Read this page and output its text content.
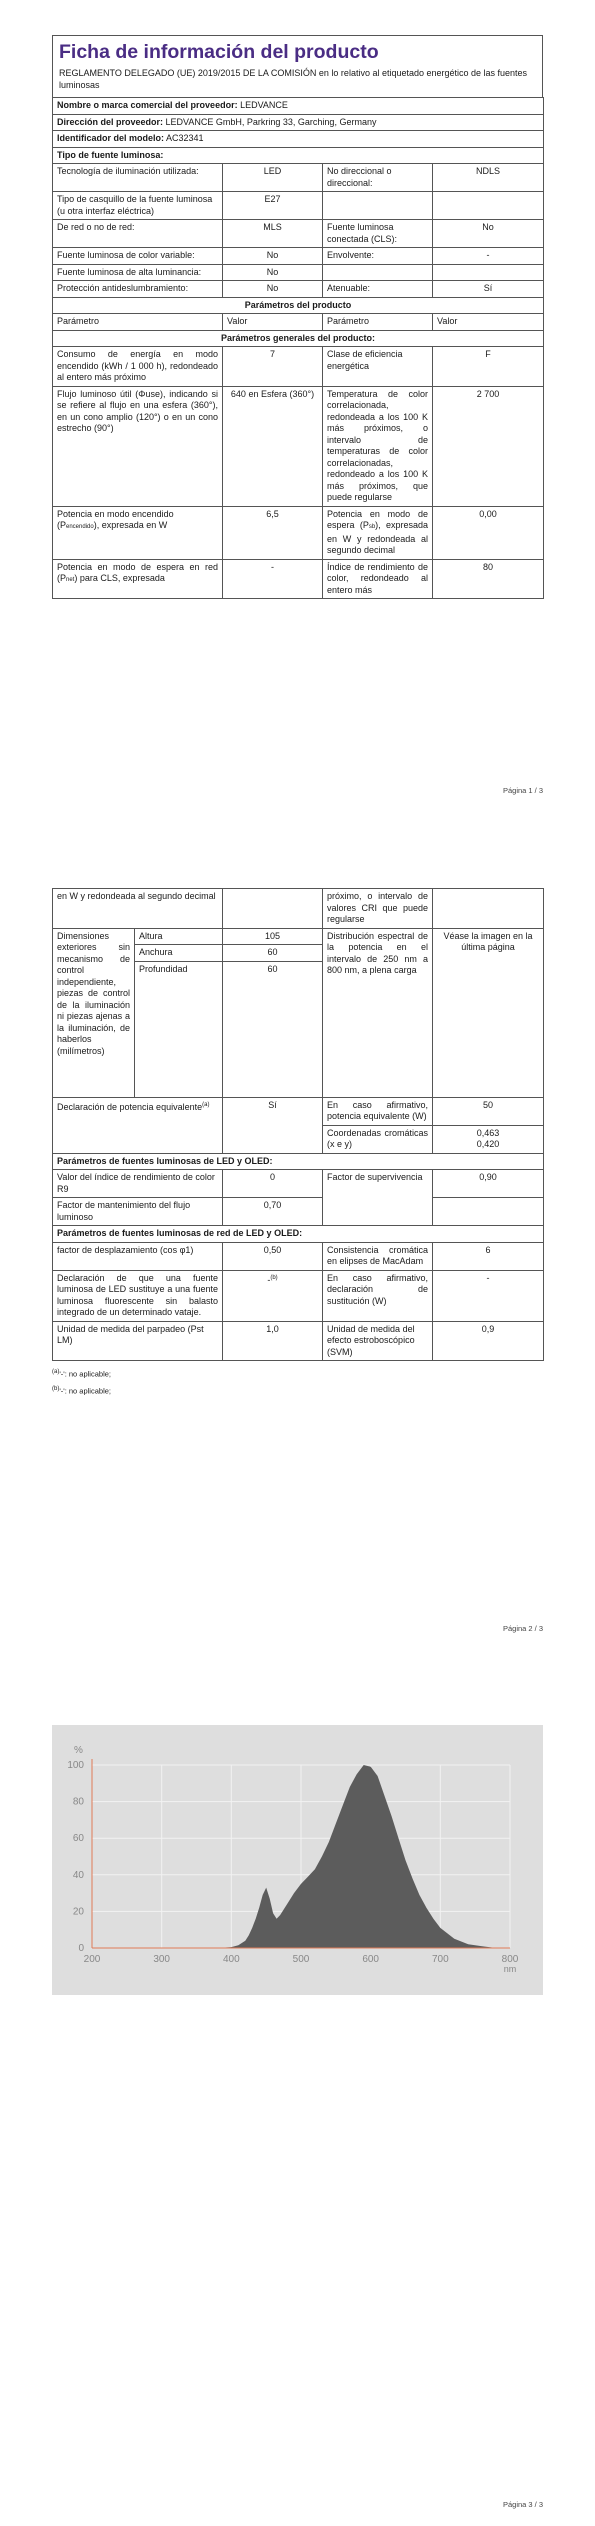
Ficha de información del producto
REGLAMENTO DELEGADO (UE) 2019/2015 DE LA COMISIÓN en lo relativo al etiquetado energético de las fuentes luminosas
Nombre o marca comercial del proveedor: LEDVANCE			
Dirección del proveedor: LEDVANCE GmbH, Parkring 33, Garching, Germany			
Identificador del modelo: AC32341			
Tipo de fuente luminosa:			
Tecnología de iluminación utilizada:	LED	No direccional o direccional:	NDLS
Tipo de casquillo de la fuente luminosa
(u otra interfaz eléctrica)	E27		
De red o no de red:	MLS	Fuente luminosa conectada (CLS):	No
Fuente luminosa de color variable:	No	Envolvente:	-
Fuente luminosa de alta luminancia:	No		
Protección antideslumbramiento:	No	Atenuable:	Sí
Parámetros del producto			
Parámetro	Valor	Parámetro	Valor
Parámetros generales del producto:			
Consumo de energía en modo encendido (kWh / 1 000 h), redondeado al entero más próximo	7	Clase de eficiencia energética	F
Flujo luminoso útil (Φuse), indicando si se refiere al flujo en una esfera (360°), en un cono amplio (120°) o en un cono estrecho (90°)	640 en Esfera (360°)	Temperatura de color correlacionada, redondeada a los 100 K más próximos, o intervalo de temperaturas de color correlacionadas, redondeado a los 100 K más próximos, que puede regularse	2 700
Potencia en modo encendido (Pencendido), expresada en W	6,5	Potencia en modo de espera (Psb), expresada en W y redondeada al segundo decimal	0,00
Potencia en modo de espera en red (Pnet) para CLS, expresada	-	Índice de rendimiento de color, redondeado al entero más	80
Página 1 / 3
en W y redondeada al segundo decimal			próximo, o intervalo de valores CRI que puede regularse	
Dimensiones exteriores sin mecanismo de control independiente, piezas de control de la iluminación ni piezas ajenas a la iluminación, de haberlos (milímetros)	Altura	105	Distribución espectral de la potencia en el intervalo de 250 nm a 800 nm, a plena carga	Véase la imagen en la última página
	Anchura	60		
	Profundidad	60		
Declaración de potencia equivalente$^{(a)}$		Sí	En caso afirmativo, potencia equivalente (W)	50
			Coordenadas cromáticas (x e y)	0,463
0,420
Parámetros de fuentes luminosas de LED y OLED:				
Valor del índice de rendimiento de color R9		0	Factor de supervivencia	0,90
Factor de mantenimiento del flujo luminoso		0,70		
Parámetros de fuentes luminosas de red de LED y OLED:				
factor de desplazamiento (cos φ1)		0,50	Consistencia cromática en elipses de MacAdam	6
Declaración de que una fuente luminosa de LED sustituye a una fuente luminosa fluorescente sin balasto integrado de un determinado vataje.		-$^{(b)}$	En caso afirmativo, declaración de sustitución (W)	-
Unidad de medida del parpadeo (Pst LM)		1,0	Unidad de medida del efecto estroboscópico (SVM)	0,9
$^{(a)}$'-': no aplicable;
$^{(b)}$'-': no aplicable;
Página 2 / 3
0
20
40
60
80
100
200	300	400	500	600	700	800
%
nm
Página 3 / 3
